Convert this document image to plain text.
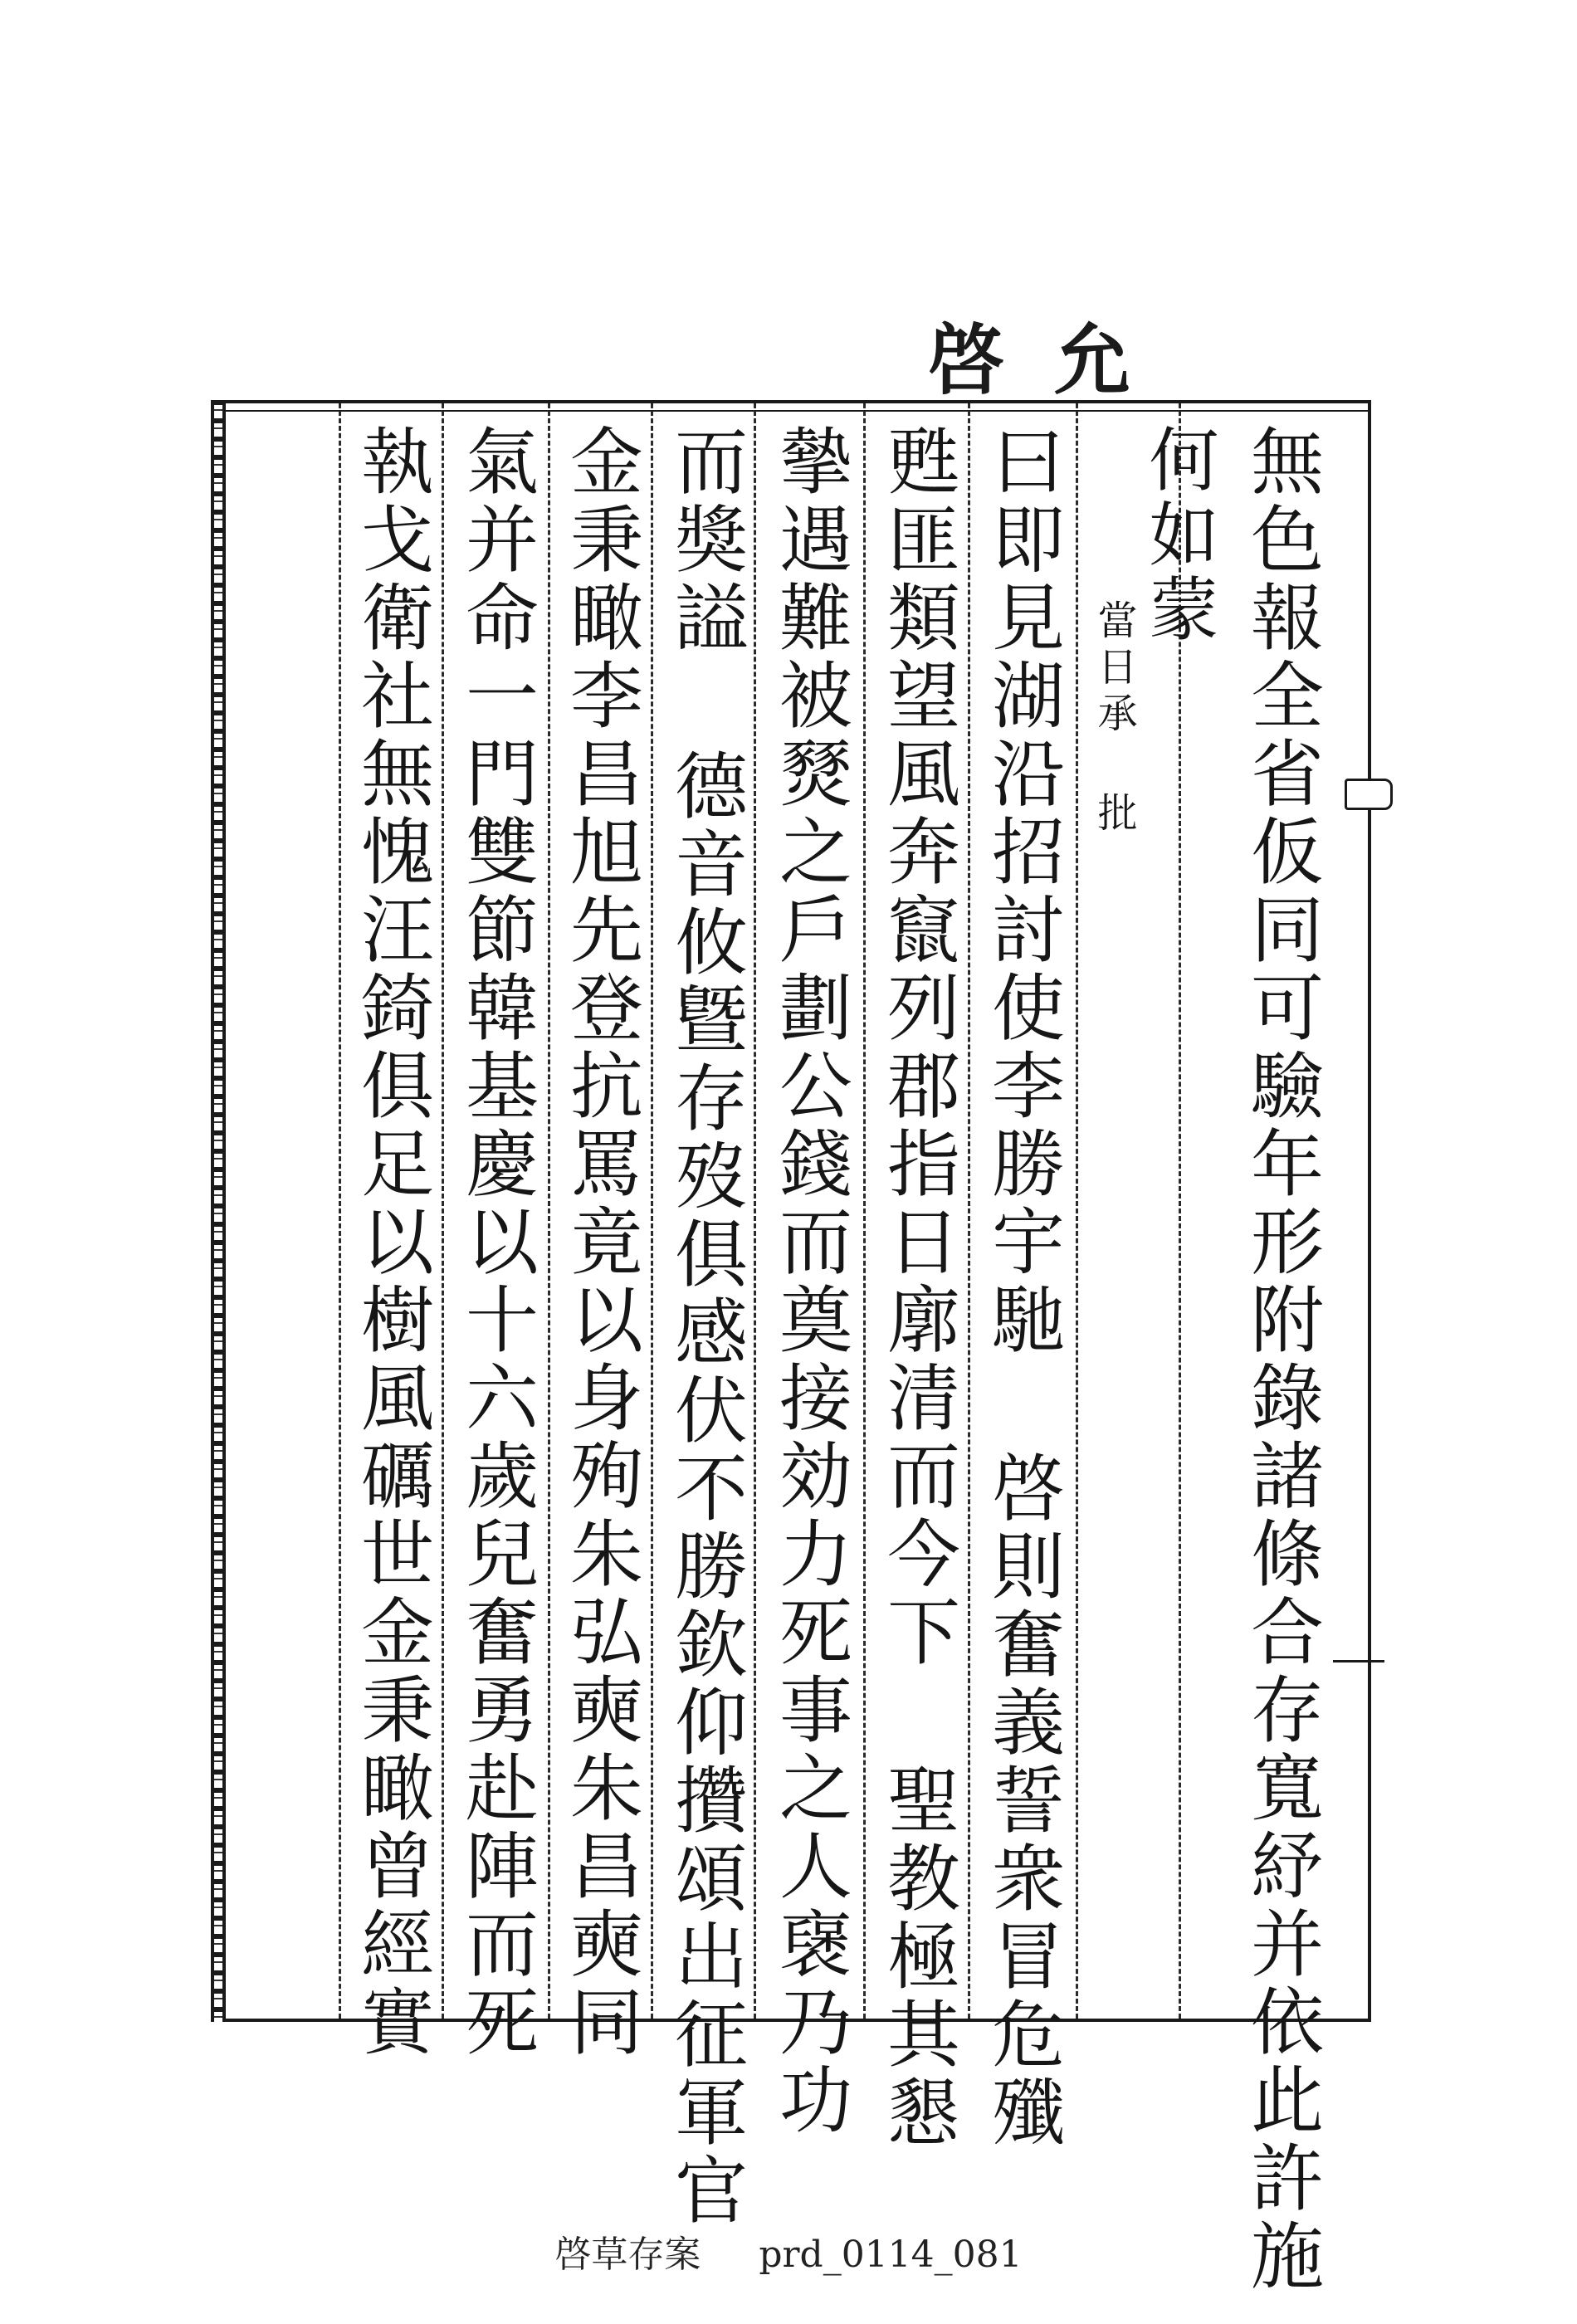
允
啓
無色報全省仮同可驗年形附錄諸條合存寬紓并依此許施
何如蒙
當日承 批
曰即見湖沿招討使李勝宇馳 啓則奮義誓衆冒危殲
甦匪類望風奔竄列郡指日廓清而今下 聖教極其懇
摰遇難被燹之戶劃公錢而奠接効力死事之人襃乃功
而獎謚 德音攸曁存歿俱感伏不勝欽仰攢頌出征軍官
金秉瞰李昌旭先登抗罵竟以身殉朱弘奭朱昌奭同
氣并命一門雙節韓基慶以十六歲兒奮勇赴陣而死
執戈衛社無愧汪錡俱足以樹風礪世金秉瞰曾經實
啓草存案 prd_0114_081
